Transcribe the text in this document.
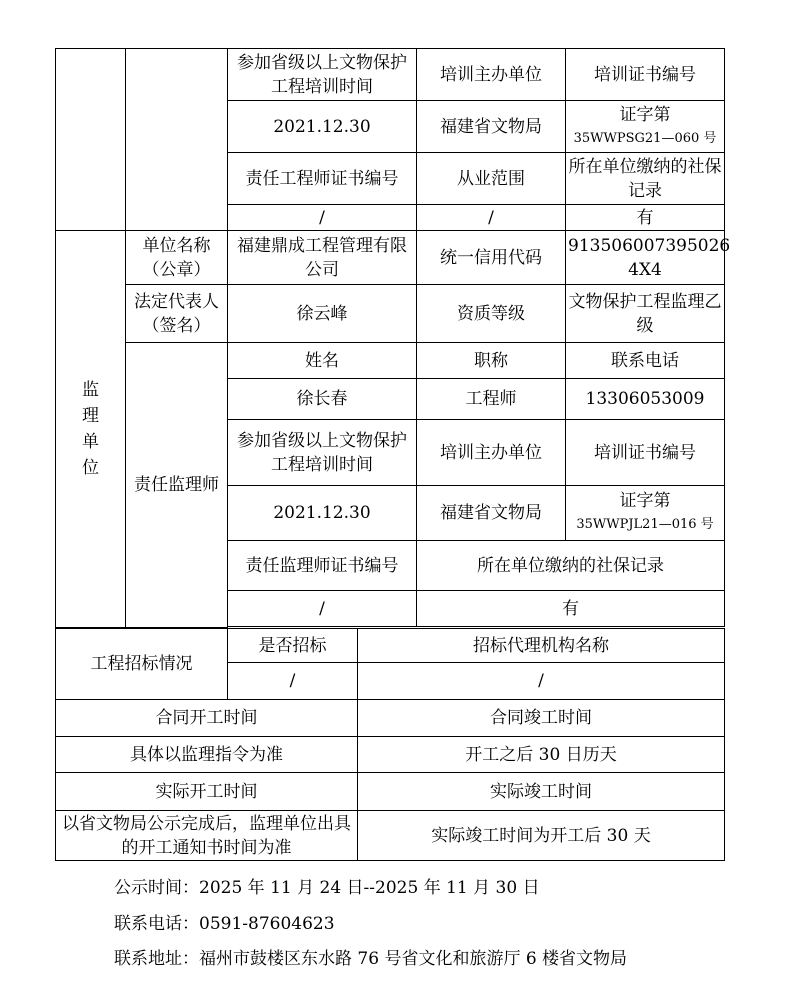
		参加省级以上文物保护工程培训时间	培训主办单位	培训证书编号
		2021.12.30	福建省文物局	证字第
35WWPSG21—060 号

		责任工程师证书编号	从业范围	所在单位缴纳的社保记录
		/	/	有

监
理
单
位	单位名称（公章）	福建鼎成工程管理有限公司	统一信用代码	913506007395026 4X4
	法定代表人（签名）	徐云峰	资质等级	文物保护工程监理乙级
	责任监理师	姓名	职称	联系电话
		徐长春	工程师	13306053009
		参加省级以上文物保护工程培训时间	培训主办单位	培训证书编号
		2021.12.30	福建省文物局	证字第
35WWPJL21—016 号

		责任监理师证书编号	所在单位缴纳的社保记录	
		/	有	

工程招标情况	是否招标	招标代理机构名称
	/	/
合同开工时间		合同竣工时间
具体以监理指令为准		开工之后 30 日历天
实际开工时间		实际竣工时间
以省文物局公示完成后，监理单位出具的开工通知书时间为准		实际竣工时间为开工后 30 天
公示时间：2025 年 11 月 24 日--2025 年 11 月 30 日
联系电话：0591-87604623
联系地址：福州市鼓楼区东水路 76 号省文化和旅游厅 6 楼省文物局
